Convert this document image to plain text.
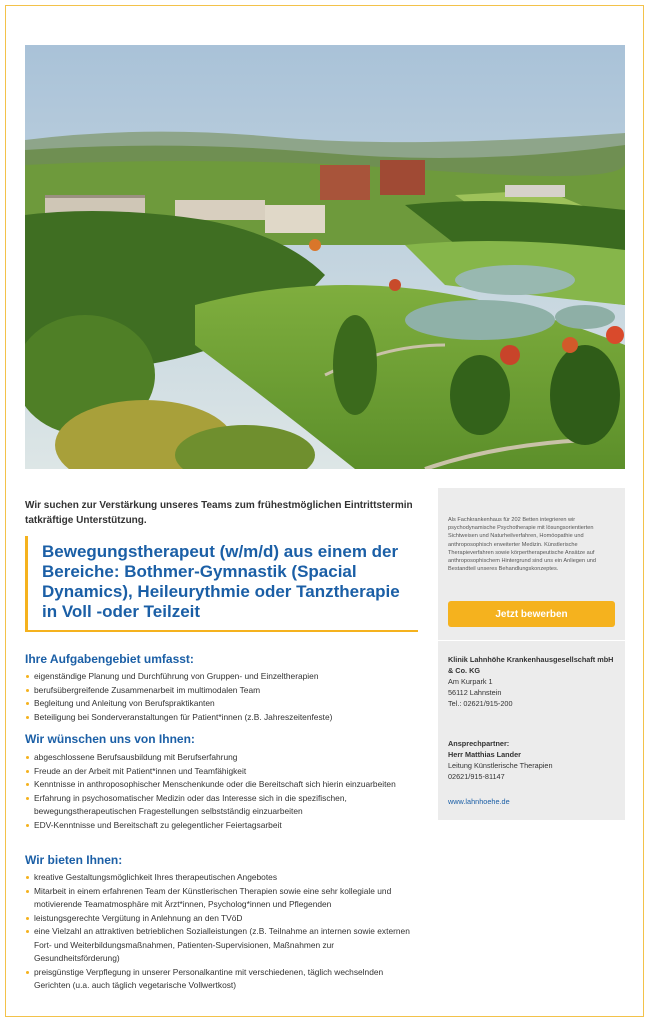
Wir suchen zur Verstärkung unseres Teams zum frühestmöglichen Eintrittstermin tatkräftige Unterstützung.

Bewegungstherapeut (w/m/d) aus einem der Bereiche: Bothmer-Gymnastik (Spacial Dynamics), Heileurythmie oder Tanztherapie in Voll -oder Teilzeit
Ihre Aufgabengebiet umfasst:
eigenständige Planung und Durchführung von Gruppen- und Einzeltherapien
berufsübergreifende Zusammenarbeit im multimodalen Team
Begleitung und Anleitung von Berufspraktikanten
Beteiligung bei Sonderveranstaltungen für Patient*innen (z.B. Jahreszeitenfeste)
Wir wünschen uns von Ihnen:
abgeschlossene Berufsausbildung mit Berufserfahrung
Freude an der Arbeit mit Patient*innen und Teamfähigkeit
Kenntnisse in anthroposophischer Menschenkunde oder die Bereitschaft sich hierin einzuarbeiten
Erfahrung in psychosomatischer Medizin oder das Interesse sich in die spezifischen, bewegungstherapeutischen Fragestellungen selbstständig einzuarbeiten
EDV-Kenntnisse und Bereitschaft zu gelegentlicher Feiertagsarbeit
Wir bieten Ihnen:
kreative Gestaltungsmöglichkeit Ihres therapeutischen Angebotes
Mitarbeit in einem erfahrenen Team der Künstlerischen Therapien sowie eine sehr kollegiale und motivierende Teamatmosphäre mit Ärzt*innen, Psycholog*innen und Pflegenden
leistungsgerechte Vergütung in Anlehnung an den TVöD
eine Vielzahl an attraktiven betrieblichen Sozialleistungen (z.B. Teilnahme an internen sowie externen Fort- und Weiterbildungsmaßnahmen, Patienten-Supervisionen, Maßnahmen zur Gesundheitsförderung)
preisgünstige Verpflegung in unserer Personalkantine mit verschiedenen, täglich wechselnden Gerichten (u.a. auch täglich vegetarische Vollwertkost)

Als Fachkrankenhaus für 202 Betten integrieren wir psychodynamische Psychotherapie mit lösungsorientierten Sichtweisen und Naturheilverfahren, Homöopathie und anthroposophisch erweiterter Medizin. Künstlerische Therapieverfahren sowie körpertherapeutische Ansätze auf anthroposophischem Hintergrund sind uns ein Anliegen und Bestandteil unseres Behandlungskonzeptes.

Jetzt bewerben
Klinik Lahnhöhe Krankenhausgesellschaft mbH & Co. KG
Am Kurpark 1
56112 Lahnstein
Tel.: 02621/915-200
Ansprechpartner:
Herr Matthias Lander
Leitung Künstlerische Therapien
02621/915-81147
www.lahnhoehe.de
